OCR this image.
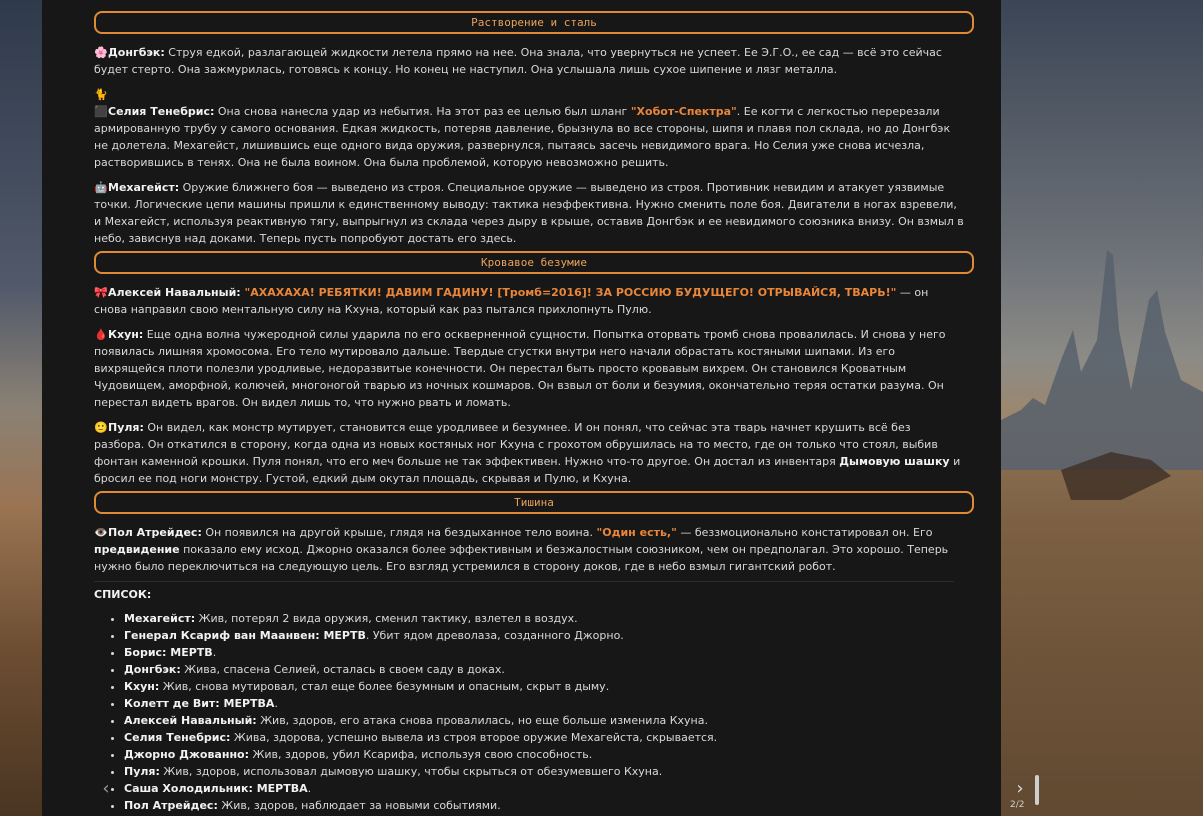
Растворение и сталь

🌸Донгбэк: Струя едкой, разлагающей жидкости летела прямо на нее. Она знала, что увернуться не успеет. Ее Э.Г.О., ее сад — всё это сейчас будет стерто. Она зажмурилась, готовясь к концу. Но конец не наступил. Она услышала лишь сухое шипение и лязг металла.

🐈⬛Селия Тенебрис: Она снова нанесла удар из небытия. На этот раз ее целью был шланг "Хобот-Спектра". Ее когти с легкостью перерезали армированную трубу у самого основания. Едкая жидкость, потеряв давление, брызнула во все стороны, шипя и плавя пол склада, но до Донгбэк не долетела. Мехагейст, лишившись еще одного вида оружия, развернулся, пытаясь засечь невидимого врага. Но Селия уже снова исчезла, растворившись в тенях. Она не была воином. Она была проблемой, которую невозможно решить.

🤖Мехагейст: Оружие ближнего боя — выведено из строя. Специальное оружие — выведено из строя. Противник невидим и атакует уязвимые точки. Логические цепи машины пришли к единственному выводу: тактика неэффективна. Нужно сменить поле боя. Двигатели в ногах взревели, и Мехагейст, используя реактивную тягу, выпрыгнул из склада через дыру в крыше, оставив Донгбэк и ее невидимого союзника внизу. Он взмыл в небо, зависнув над доками. Теперь пусть попробуют достать его здесь.

Кровавое безумие

🎀Алексей Навальный: "АХАХАХА! РЕБЯТКИ! ДАВИМ ГАДИНУ! [Тромб=2016]! ЗА РОССИЮ БУДУЩЕГО! ОТРЫВАЙСЯ, ТВАРЬ!" — он снова направил свою ментальную силу на Кхуна, который как раз пытался прихлопнуть Пулю.

🩸Кхун: Еще одна волна чужеродной силы ударила по его оскверненной сущности. Попытка оторвать тромб снова провалилась. И снова у него появилась лишняя хромосома. Его тело мутировало дальше. Твердые сгустки внутри него начали обрастать костяными шипами. Из его вихрящейся плоти полезли уродливые, недоразвитые конечности. Он перестал быть просто кровавым вихрем. Он становился Кроватным Чудовищем, аморфной, колючей, многоногой тварью из ночных кошмаров. Он взвыл от боли и безумия, окончательно теряя остатки разума. Он перестал видеть врагов. Он видел лишь то, что нужно рвать и ломать.

🙂Пуля: Он видел, как монстр мутирует, становится еще уродливее и безумнее. И он понял, что сейчас эта тварь начнет крушить всё без разбора. Он откатился в сторону, когда одна из новых костяных ног Кхуна с грохотом обрушилась на то место, где он только что стоял, выбив фонтан каменной крошки. Пуля понял, что его меч больше не так эффективен. Нужно что-то другое. Он достал из инвентаря Дымовую шашку и бросил ее под ноги монстру. Густой, едкий дым окутал площадь, скрывая и Пулю, и Кхуна.

Тишина

👁️Пол Атрейдес: Он появился на другой крыше, глядя на бездыханное тело воина. "Один есть," — беззмоционально констатировал он. Его предвидение показало ему исход. Джорно оказался более эффективным и безжалостным союзником, чем он предполагал. Это хорошо. Теперь нужно было переключиться на следующую цель. Его взгляд устремился в сторону доков, где в небо взмыл гигантский робот.

СПИСОК:
• Мехагейст: Жив, потерял 2 вида оружия, сменил тактику, взлетел в воздух.
• Генерал Ксариф ван Маанвен: МЕРТВ. Убит ядом древолаза, созданного Джорно.
• Борис: МЕРТВ.
• Донгбэк: Жива, спасена Селией, осталась в своем саду в доках.
• Кхун: Жив, снова мутировал, стал еще более безумным и опасным, скрыт в дыму.
• Колетт де Вит: МЕРТВА.
• Алексей Навальный: Жив, здоров, его атака снова провалилась, но еще больше изменила Кхуна.
• Селия Тенебрис: Жива, здорова, успешно вывела из строя второе оружие Мехагейста, скрывается.
• Джорно Джованно: Жив, здоров, убил Ксарифа, используя свою способность.
• Пуля: Жив, здоров, использовал дымовую шашку, чтобы скрыться от обезумевшего Кхуна.
• Саша Холодильник: МЕРТВА.
• Пол Атрейдес: Жив, здоров, наблюдает за новыми событиями.
‹	›
2/2
